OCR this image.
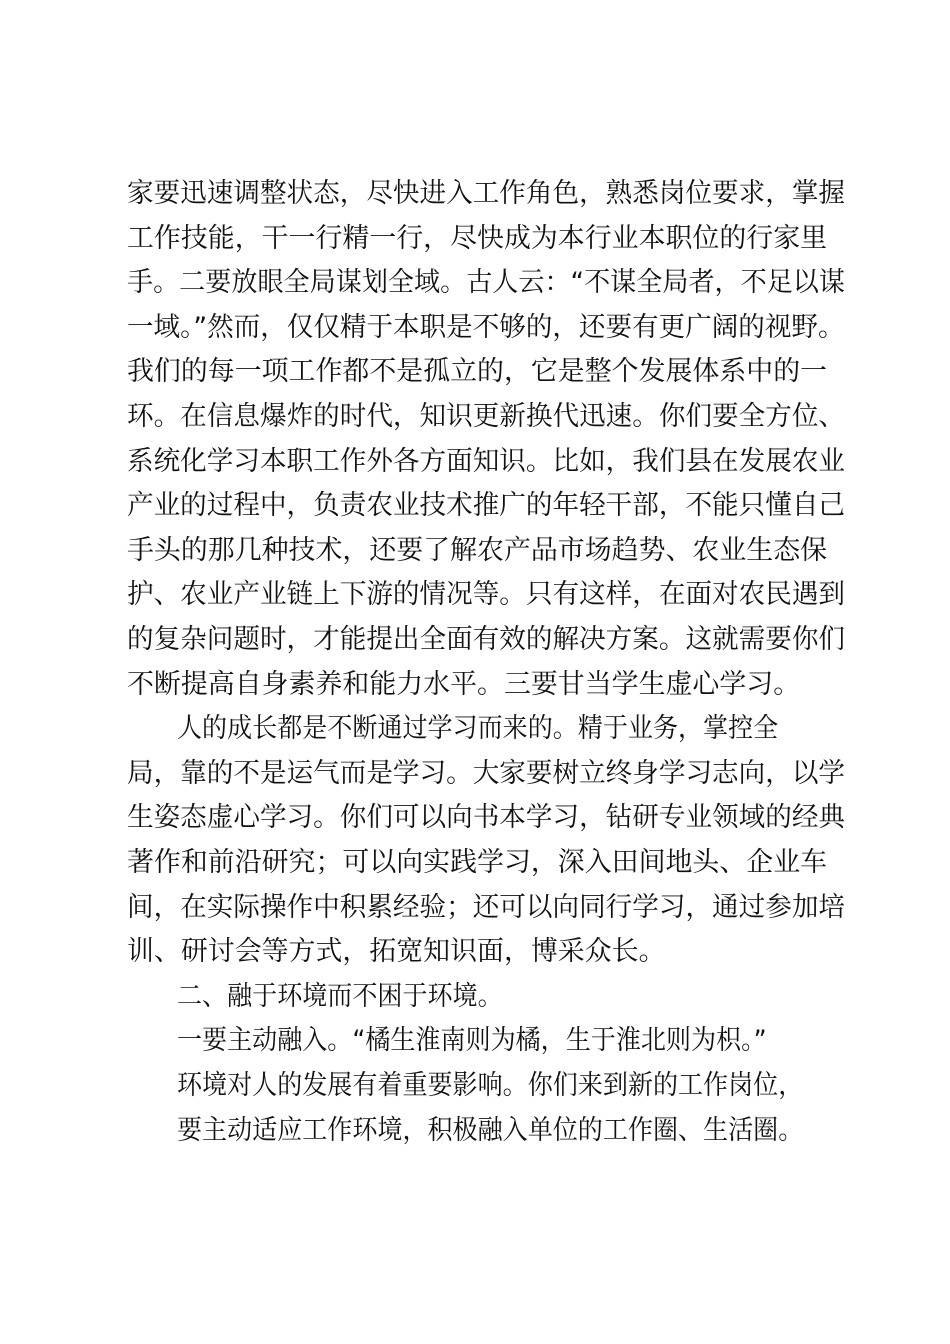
家要迅速调整状态，尽快进入工作角色，熟悉岗位要求，掌握
工作技能，干一行精一行，尽快成为本行业本职位的行家里
手。二要放眼全局谋划全域。古人云：“不谋全局者，不足以谋
一域。”然而，仅仅精于本职是不够的，还要有更广阔的视野。
我们的每一项工作都不是孤立的，它是整个发展体系中的一
环。在信息爆炸的时代，知识更新换代迅速。你们要全方位、
系统化学习本职工作外各方面知识。比如，我们县在发展农业
产业的过程中，负责农业技术推广的年轻干部，不能只懂自己
手头的那几种技术，还要了解农产品市场趋势、农业生态保
护、农业产业链上下游的情况等。只有这样，在面对农民遇到
的复杂问题时，才能提出全面有效的解决方案。这就需要你们
不断提高自身素养和能力水平。三要甘当学生虚心学习。
人的成长都是不断通过学习而来的。精于业务，掌控全
局，靠的不是运气而是学习。大家要树立终身学习志向，以学
生姿态虚心学习。你们可以向书本学习，钻研专业领域的经典
著作和前沿研究；可以向实践学习，深入田间地头、企业车
间，在实际操作中积累经验；还可以向同行学习，通过参加培
训、研讨会等方式，拓宽知识面，博采众长。
二、融于环境而不困于环境。
一要主动融入。“橘生淮南则为橘，生于淮北则为枳。”
环境对人的发展有着重要影响。你们来到新的工作岗位，
要主动适应工作环境，积极融入单位的工作圈、生活圈。
